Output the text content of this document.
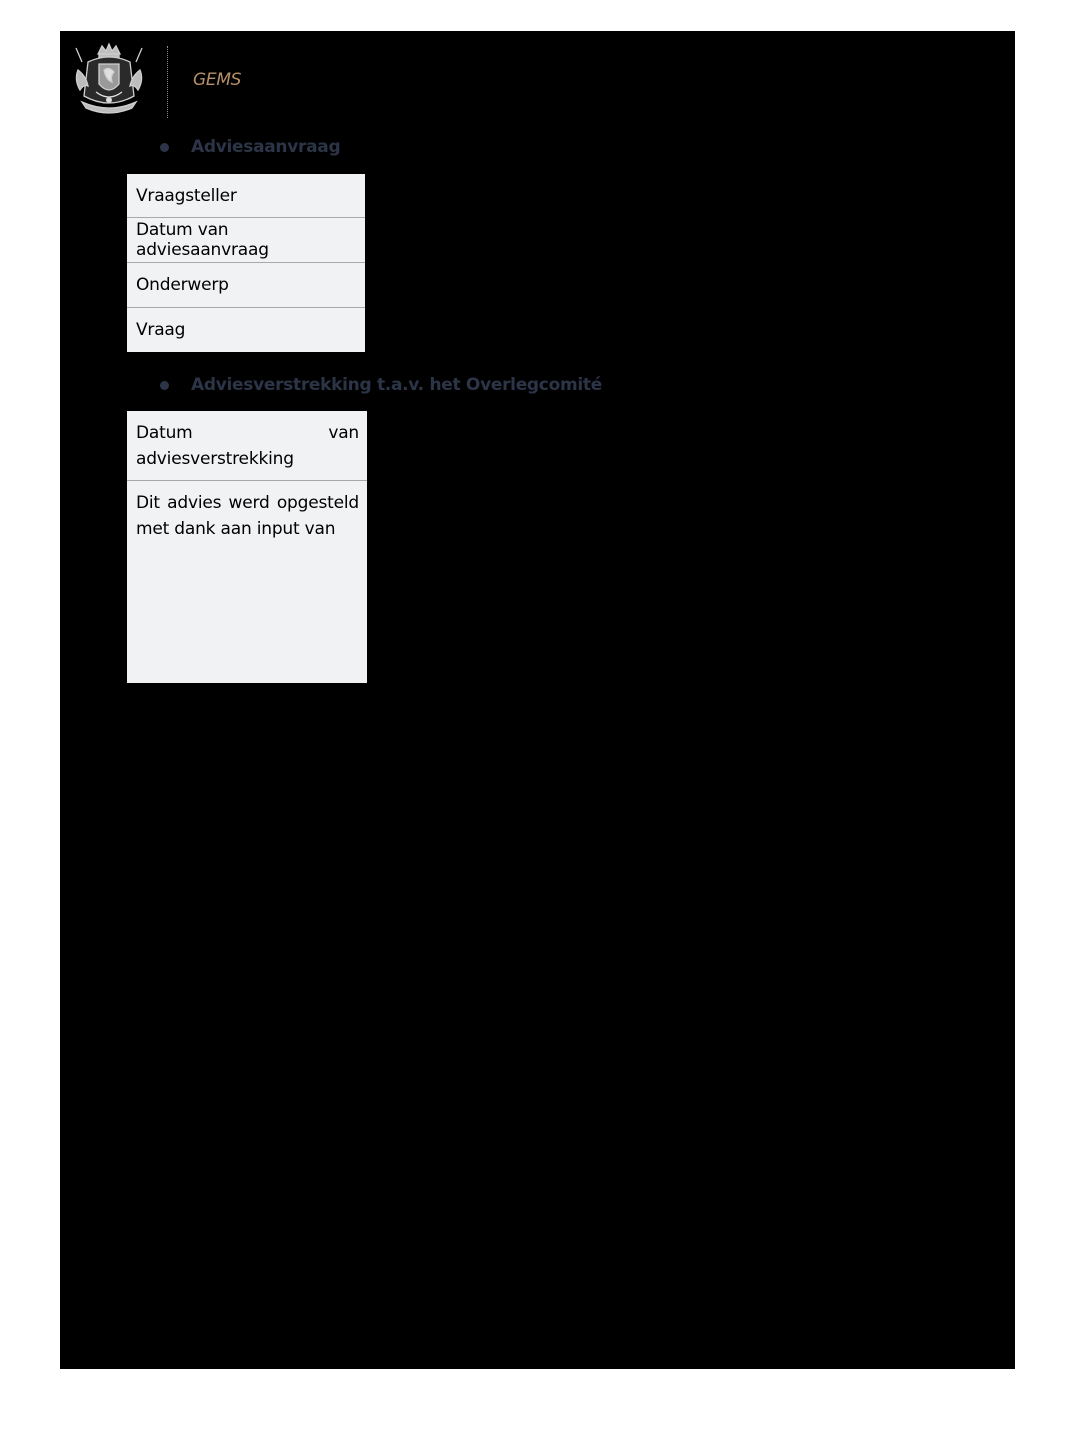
GEMS
Adviesaanvraag
Vraagsteller
Datum van adviesaanvraag
Onderwerp
Vraag
Adviesverstrekking t.a.v. het Overlegcomité
Datum	van
adviesverstrekking
Dit advies werd opgesteld
met dank aan input van
